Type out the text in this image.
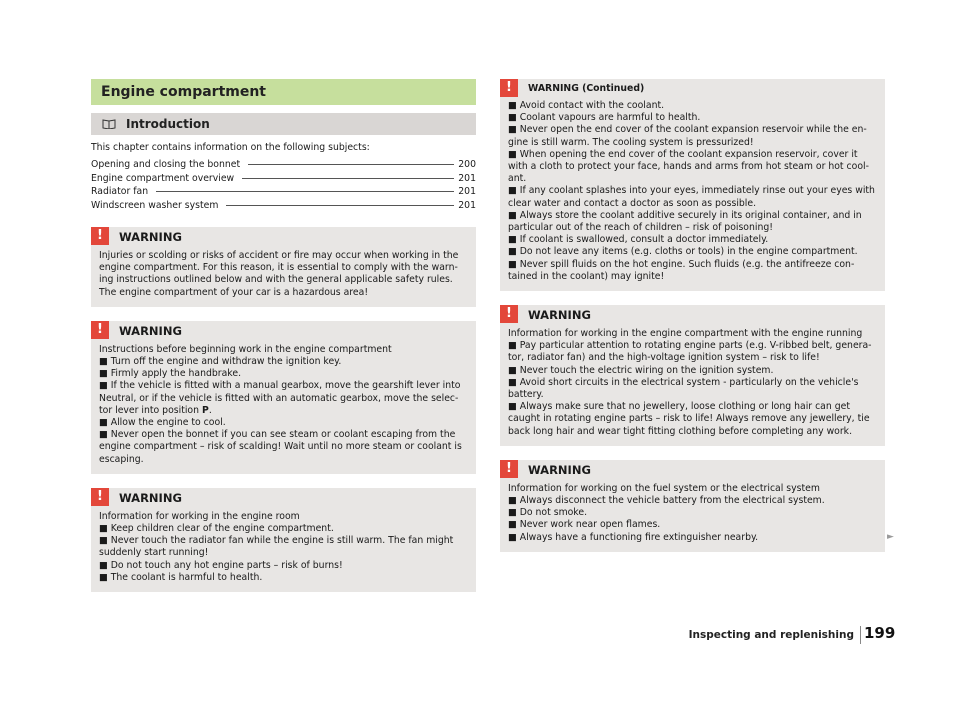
Engine compartment
Introduction
This chapter contains information on the following subjects:
Opening and closing the bonnet	200
Engine compartment overview	201
Radiator fan	201
Windscreen washer system	201
!	WARNING

Injuries or scolding or risks of accident or fire may occur when working in the engine compartment. For this reason, it is essential to comply with the warn-ing instructions outlined below and with the general applicable safety rules. The engine compartment of your car is a hazardous area!

!	WARNING

Instructions before beginning work in the engine compartment

■ Turn off the engine and withdraw the ignition key.

■ Firmly apply the handbrake.

■ If the vehicle is fitted with a manual gearbox, move the gearshift lever into Neutral, or if the vehicle is fitted with an automatic gearbox, move the selec-tor lever into position P.

■ Allow the engine to cool.

■ Never open the bonnet if you can see steam or coolant escaping from the engine compartment – risk of scalding! Wait until no more steam or coolant is escaping.

!	WARNING

Information for working in the engine room

■ Keep children clear of the engine compartment.

■ Never touch the radiator fan while the engine is still warm. The fan might suddenly start running!

■ Do not touch any hot engine parts – risk of burns!

■ The coolant is harmful to health.

!	WARNING (Continued)

■ Avoid contact with the coolant.

■ Coolant vapours are harmful to health.

■ Never open the end cover of the coolant expansion reservoir while the en-gine is still warm. The cooling system is pressurized!

■ When opening the end cover of the coolant expansion reservoir, cover it with a cloth to protect your face, hands and arms from hot steam or hot cool-ant.

■ If any coolant splashes into your eyes, immediately rinse out your eyes with clear water and contact a doctor as soon as possible.

■ Always store the coolant additive securely in its original container, and in particular out of the reach of children – risk of poisoning!

■ If coolant is swallowed, consult a doctor immediately.

■ Do not leave any items (e.g. cloths or tools) in the engine compartment.

■ Never spill fluids on the hot engine. Such fluids (e.g. the antifreeze con-tained in the coolant) may ignite!

!	WARNING

Information for working in the engine compartment with the engine running

■ Pay particular attention to rotating engine parts (e.g. V-ribbed belt, genera-tor, radiator fan) and the high-voltage ignition system – risk to life!

■ Never touch the electric wiring on the ignition system.

■ Avoid short circuits in the electrical system - particularly on the vehicle's battery.

■ Always make sure that no jewellery, loose clothing or long hair can get caught in rotating engine parts – risk to life! Always remove any jewellery, tie back long hair and wear tight fitting clothing before completing any work.

!	WARNING

Information for working on the fuel system or the electrical system

■ Always disconnect the vehicle battery from the electrical system.

■ Do not smoke.

■ Never work near open flames.

■ Always have a functioning fire extinguisher nearby.	►
Inspecting and replenishing 199
